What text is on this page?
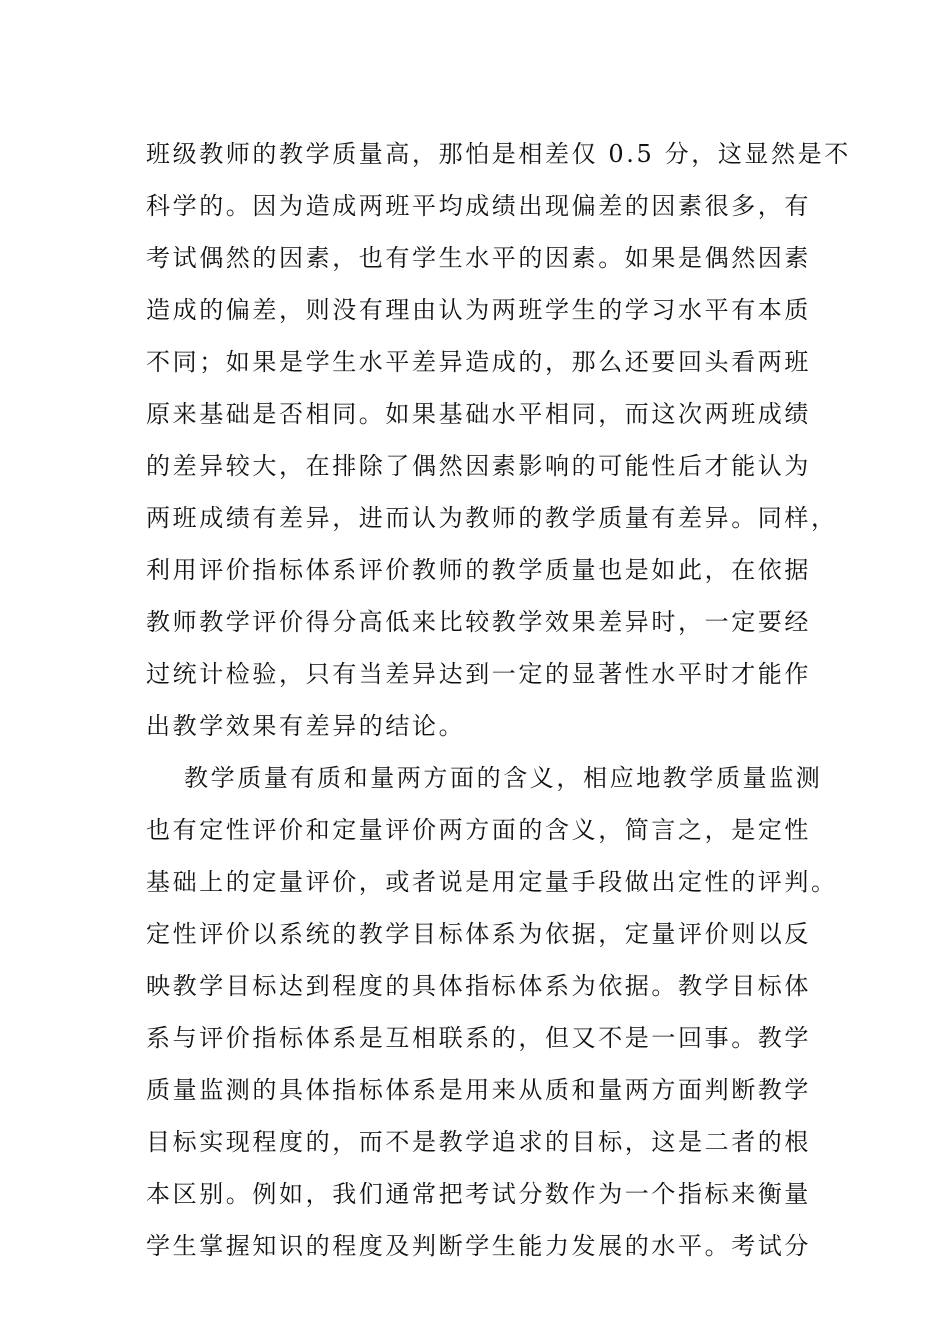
班级教师的教学质量高，那怕是相差仅 0.5 分，这显然是不
科学的。因为造成两班平均成绩出现偏差的因素很多，有
考试偶然的因素，也有学生水平的因素。如果是偶然因素
造成的偏差，则没有理由认为两班学生的学习水平有本质
不同；如果是学生水平差异造成的，那么还要回头看两班
原来基础是否相同。如果基础水平相同，而这次两班成绩
的差异较大，在排除了偶然因素影响的可能性后才能认为
两班成绩有差异，进而认为教师的教学质量有差异。同样，
利用评价指标体系评价教师的教学质量也是如此，在依据
教师教学评价得分高低来比较教学效果差异时，一定要经
过统计检验，只有当差异达到一定的显著性水平时才能作
出教学效果有差异的结论。
教学质量有质和量两方面的含义，相应地教学质量监测
也有定性评价和定量评价两方面的含义，简言之，是定性
基础上的定量评价，或者说是用定量手段做出定性的评判。
定性评价以系统的教学目标体系为依据，定量评价则以反
映教学目标达到程度的具体指标体系为依据。教学目标体
系与评价指标体系是互相联系的，但又不是一回事。教学
质量监测的具体指标体系是用来从质和量两方面判断教学
目标实现程度的，而不是教学追求的目标，这是二者的根
本区别。例如，我们通常把考试分数作为一个指标来衡量
学生掌握知识的程度及判断学生能力发展的水平。考试分
